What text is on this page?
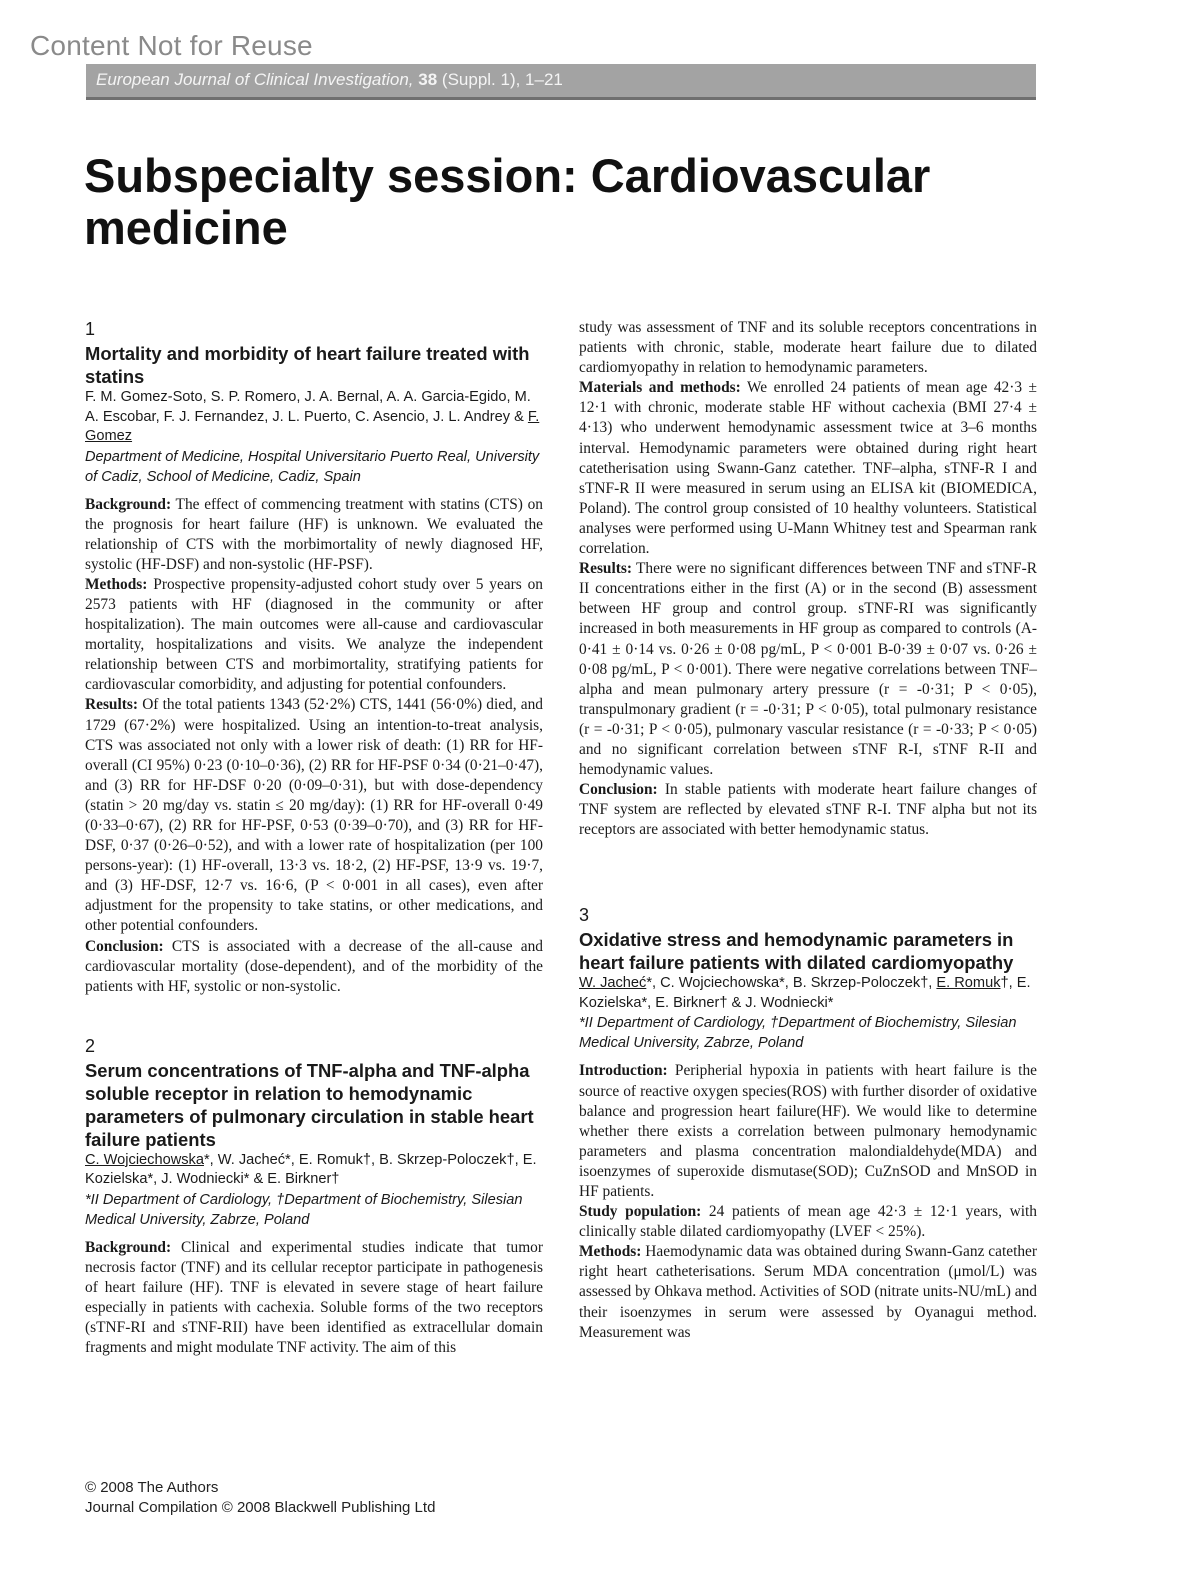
Content Not for Reuse
European Journal of Clinical Investigation, 38 (Suppl. 1), 1–21
Subspecialty session: Cardiovascular medicine

1

Mortality and morbidity of heart failure treated with statins

F. M. Gomez-Soto, S. P. Romero, J. A. Bernal, A. A. Garcia-Egido, M. A. Escobar, F. J. Fernandez, J. L. Puerto, C. Asencio, J. L. Andrey & F. Gomez

Department of Medicine, Hospital Universitario Puerto Real, University of Cadiz, School of Medicine, Cadiz, Spain

Background: The effect of commencing treatment with statins (CTS) on the prognosis for heart failure (HF) is unknown. We evaluated the relationship of CTS with the morbimortality of newly diagnosed HF, systolic (HF-DSF) and non-systolic (HF-PSF).

Methods: Prospective propensity-adjusted cohort study over 5 years on 2573 patients with HF (diagnosed in the community or after hospitalization). The main outcomes were all-cause and cardiovascular mortality, hospitalizations and visits. We analyze the independent relationship between CTS and morbimortality, stratifying patients for cardiovascular comorbidity, and adjusting for potential confounders.

Results: Of the total patients 1343 (52·2%) CTS, 1441 (56·0%) died, and 1729 (67·2%) were hospitalized. Using an intention-to-treat analysis, CTS was associated not only with a lower risk of death: (1) RR for HF-overall (CI 95%) 0·23 (0·10–0·36), (2) RR for HF-PSF 0·34 (0·21–0·47), and (3) RR for HF-DSF 0·20 (0·09–0·31), but with dose-dependency (statin > 20 mg/day vs. statin ≤ 20 mg/day): (1) RR for HF-overall 0·49 (0·33–0·67), (2) RR for HF-PSF, 0·53 (0·39–0·70), and (3) RR for HF-DSF, 0·37 (0·26–0·52), and with a lower rate of hospitalization (per 100 persons-year): (1) HF-overall, 13·3 vs. 18·2, (2) HF-PSF, 13·9 vs. 19·7, and (3) HF-DSF, 12·7 vs. 16·6, (P < 0·001 in all cases), even after adjustment for the propensity to take statins, or other medications, and other potential confounders.

Conclusion: CTS is associated with a decrease of the all-cause and cardiovascular mortality (dose-dependent), and of the morbidity of the patients with HF, systolic or non-systolic.

2

Serum concentrations of TNF-alpha and TNF-alpha soluble receptor in relation to hemodynamic parameters of pulmonary circulation in stable heart failure patients

C. Wojciechowska*, W. Jacheć*, E. Romuk†, B. Skrzep-Poloczek†, E. Kozielska*, J. Wodniecki* & E. Birkner†

*II Department of Cardiology, †Department of Biochemistry, Silesian Medical University, Zabrze, Poland

Background: Clinical and experimental studies indicate that tumor necrosis factor (TNF) and its cellular receptor participate in pathogenesis of heart failure (HF). TNF is elevated in severe stage of heart failure especially in patients with cachexia. Soluble forms of the two receptors (sTNF-RI and sTNF-RII) have been identified as extracellular domain fragments and might modulate TNF activity. The aim of this

study was assessment of TNF and its soluble receptors concentrations in patients with chronic, stable, moderate heart failure due to dilated cardiomyopathy in relation to hemodynamic parameters.

Materials and methods: We enrolled 24 patients of mean age 42·3 ± 12·1 with chronic, moderate stable HF without cachexia (BMI 27·4 ± 4·13) who underwent hemodynamic assessment twice at 3–6 months interval. Hemodynamic parameters were obtained during right heart catetherisation using Swann-Ganz catether. TNF–alpha, sTNF-R I and sTNF-R II were measured in serum using an ELISA kit (BIOMEDICA, Poland). The control group consisted of 10 healthy volunteers. Statistical analyses were performed using U-Mann Whitney test and Spearman rank correlation.

Results: There were no significant differences between TNF and sTNF-R II concentrations either in the first (A) or in the second (B) assessment between HF group and control group. sTNF-RI was significantly increased in both measurements in HF group as compared to controls (A-0·41 ± 0·14 vs. 0·26 ± 0·08 pg/mL, P < 0·001 B-0·39 ± 0·07 vs. 0·26 ± 0·08 pg/mL, P < 0·001). There were negative correlations between TNF–alpha and mean pulmonary artery pressure (r = -0·31; P < 0·05), transpulmonary gradient (r = -0·31; P < 0·05), total pulmonary resistance (r = -0·31; P < 0·05), pulmonary vascular resistance (r = -0·33; P < 0·05) and no significant correlation between sTNF R-I, sTNF R-II and hemodynamic values.

Conclusion: In stable patients with moderate heart failure changes of TNF system are reflected by elevated sTNF R-I. TNF alpha but not its receptors are associated with better hemodynamic status.

3

Oxidative stress and hemodynamic parameters in heart failure patients with dilated cardiomyopathy

W. Jacheć*, C. Wojciechowska*, B. Skrzep-Poloczek†, E. Romuk†, E. Kozielska*, E. Birkner† & J. Wodniecki*

*II Department of Cardiology, †Department of Biochemistry, Silesian Medical University, Zabrze, Poland

Introduction: Peripherial hypoxia in patients with heart failure is the source of reactive oxygen species(ROS) with further disorder of oxidative balance and progression heart failure(HF). We would like to determine whether there exists a correlation between pulmonary hemodynamic parameters and plasma concentration malondialdehyde(MDA) and isoenzymes of superoxide dismutase(SOD); CuZnSOD and MnSOD in HF patients.

Study population: 24 patients of mean age 42·3 ± 12·1 years, with clinically stable dilated cardiomyopathy (LVEF < 25%).

Methods: Haemodynamic data was obtained during Swann-Ganz catether right heart catheterisations. Serum MDA concentration (μmol/L) was assessed by Ohkava method. Activities of SOD (nitrate units-NU/mL) and their isoenzymes in serum were assessed by Oyanagui method. Measurement was

© 2008 The Authors
Journal Compilation © 2008 Blackwell Publishing Ltd
